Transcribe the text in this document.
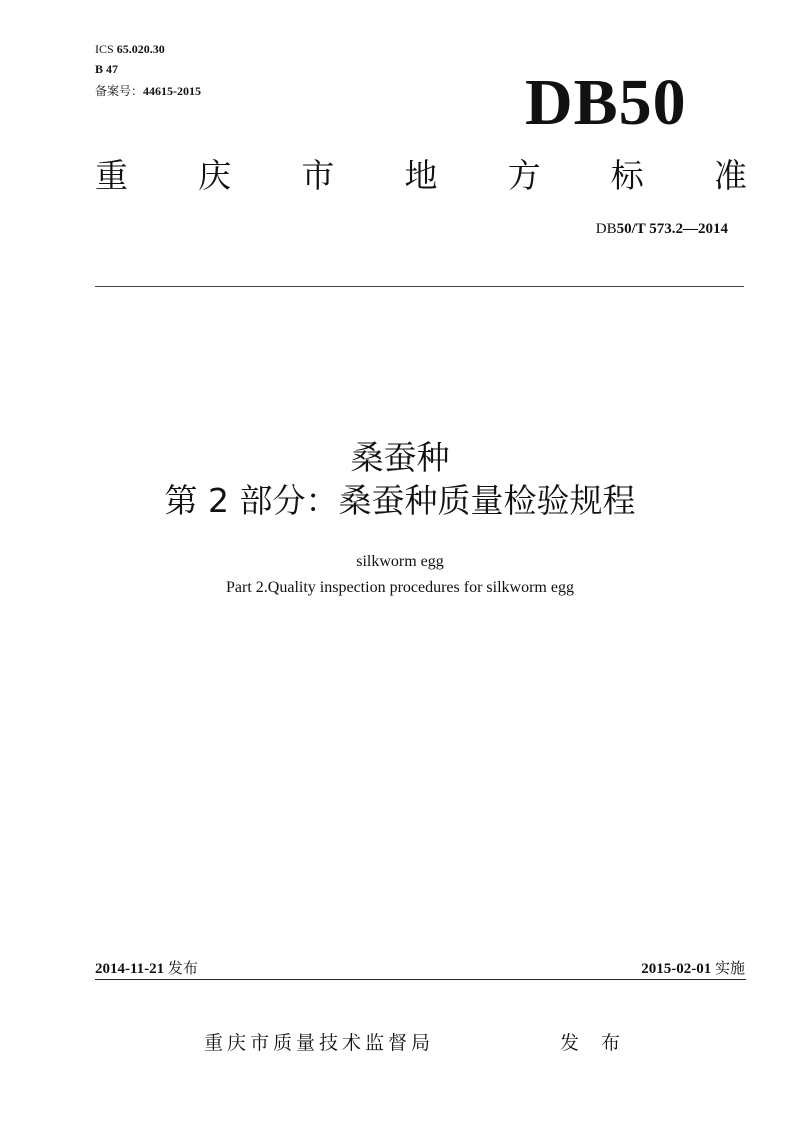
ICS 65.020.30
B 47
备案号：44615-2015	DB50
重 庆 市 地 方 标 准
DB50/T 573.2—2014
桑蚕种
第 2 部分：桑蚕种质量检验规程
silkworm egg
Part 2.Quality inspection procedures for silkworm egg
2014-11-21 发布	2015-02-01 实施
重庆市质量技术监督局	发 布
